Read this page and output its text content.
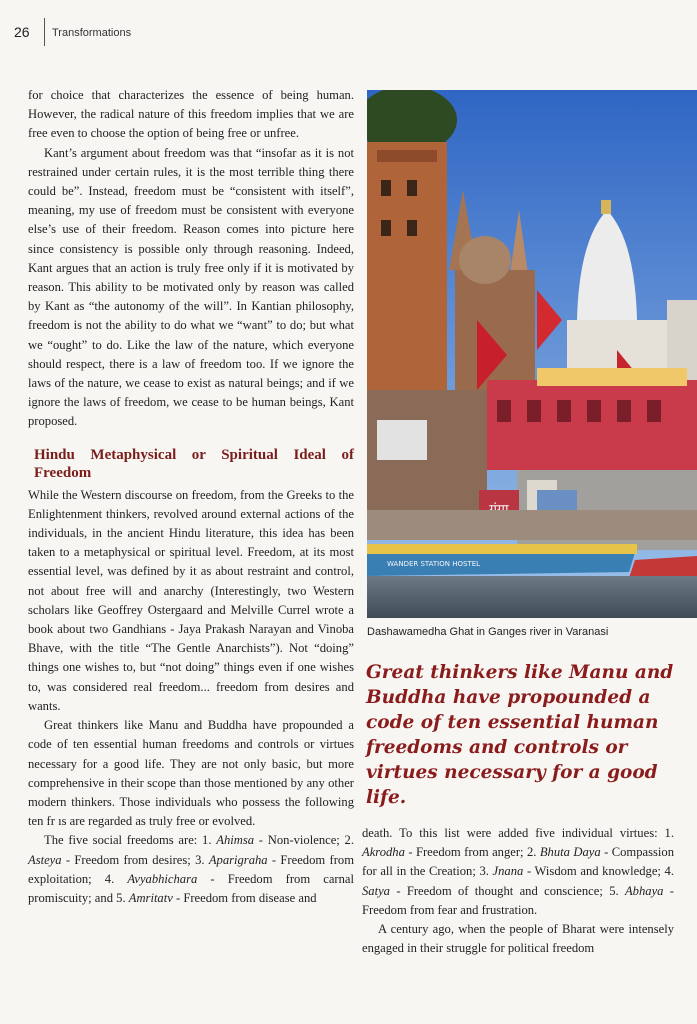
26 Transformations

for choice that characterizes the essence of being human. However, the radical nature of this freedom implies that we are free even to choose the option of being free or unfree.

Kant’s argument about freedom was that “insofar as it is not restrained under certain rules, it is the most terrible thing there could be”. Instead, freedom must be “consistent with itself”, meaning, my use of freedom must be consistent with everyone else’s use of their freedom. Reason comes into picture here since consistency is possible only through reasoning. Indeed, Kant argues that an action is truly free only if it is motivated by reason. This ability to be motivated only by reason was called by Kant as “the autonomy of the will”. In Kantian philosophy, freedom is not the ability to do what we “want” to do; but what we “ought” to do. Like the law of the nature, which everyone should respect, there is a law of freedom too. If we ignore the laws of the nature, we cease to exist as natural beings; and if we ignore the laws of freedom, we cease to be human beings, Kant proposed.

Hindu Metaphysical or Spiritual Ideal of Freedom

While the Western discourse on freedom, from the Greeks to the Enlightenment thinkers, revolved around external actions of the individuals, in the ancient Hindu literature, this idea has been taken to a metaphysical or spiritual level. Freedom, at its most essential level, was defined by it as about restraint and control, not about free will and anarchy (Interestingly, two Western scholars like Geoffrey Ostergaard and Melville Currel wrote a book about two Gandhians - Jaya Prakash Narayan and Vinoba Bhave, with the title “The Gentle Anarchists”). Not “doing” things one wishes to, but “not doing” things even if one wishes to, was considered real freedom... freedom from desires and wants.

Great thinkers like Manu and Buddha have propounded a code of ten essential human freedoms and controls or virtues necessary for a good life. They are not only basic, but more comprehensive in their scope than those mentioned by any other modern thinkers. Those individuals who possess the following ten fr ıs are regarded as truly free or evolved.

The five social freedoms are: 1. Ahimsa - Non-violence; 2. Asteya - Freedom from desires; 3. Aparigraha - Freedom from exploitation; 4. Avyabhichara - Freedom from carnal promiscuity; and 5. Amritatv - Freedom from disease and

WANDER STATION HOSTEL
Dashawamedha Ghat in Ganges river in Varanasi
Great thinkers like Manu and Buddha have propounded a code of ten essential human freedoms and controls or virtues necessary for a good life.

death. To this list were added five individual virtues: 1. Akrodha - Freedom from anger; 2. Bhuta Daya - Compassion for all in the Creation; 3. Jnana - Wisdom and knowledge; 4. Satya - Freedom of thought and conscience; 5. Abhaya - Freedom from fear and frustration.

A century ago, when the people of Bharat were intensely engaged in their struggle for political freedom
